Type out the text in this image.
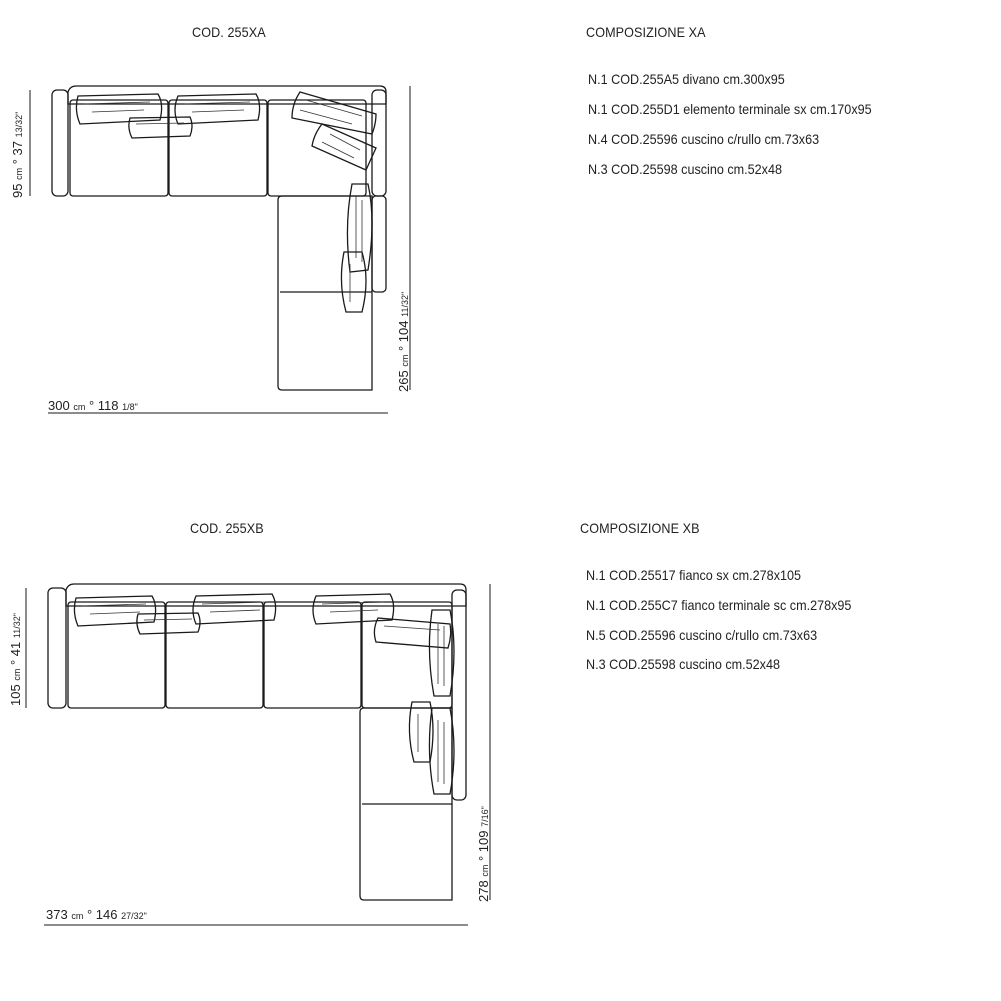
COD. 255XA	COMPOSIZIONE XA
N.1 COD.255A5 divano cm.300x95
N.1 COD.255D1 elemento terminale sx cm.170x95
N.4 COD.25596 cuscino c/rullo cm.73x63
N.3 COD.25598 cuscino cm.52x48
300 cm ° 118 1/8"
95 cm ° 37 13/32"
265 cm ° 104 11/32"
COD. 255XB	COMPOSIZIONE XB
N.1 COD.25517 fianco sx cm.278x105
N.1 COD.255C7 fianco terminale sc cm.278x95
N.5 COD.25596 cuscino c/rullo cm.73x63
N.3 COD.25598 cuscino cm.52x48
373 cm ° 146 27/32"
105 cm ° 41 11/32"
278 cm ° 109 7/16"
